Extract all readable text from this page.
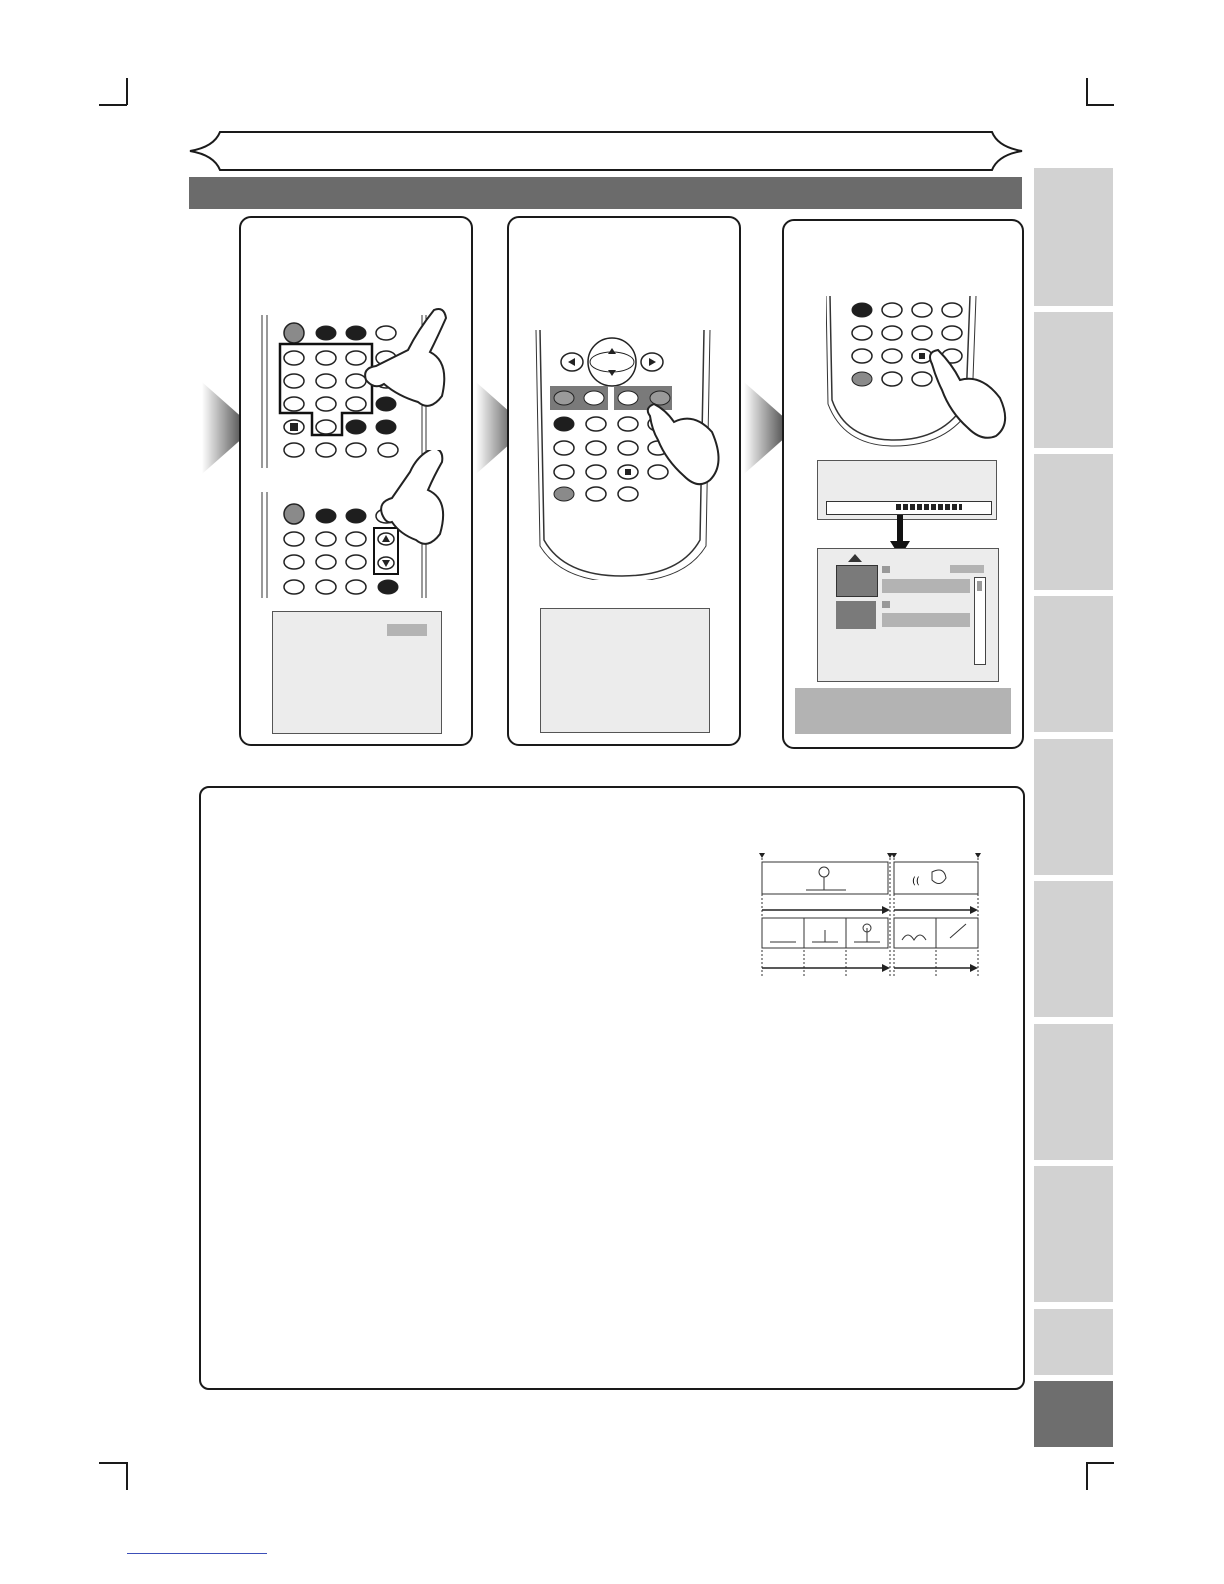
((
